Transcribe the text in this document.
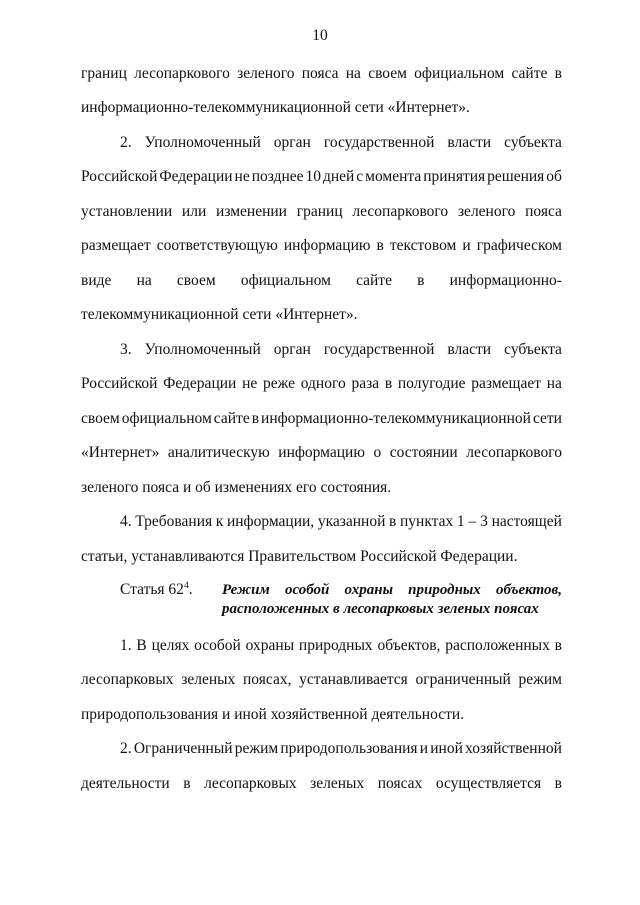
10
границ лесопаркового зеленого пояса на своем официальном сайте в
информационно-телекоммуникационной сети «Интернет».
2. Уполномоченный орган государственной власти субъекта
Российской Федерации не позднее 10 дней с момента принятия решения об
установлении или изменении границ лесопаркового зеленого пояса
размещает соответствующую информацию в текстовом и графическом
виде на своем официальном сайте в информационно-
телекоммуникационной сети «Интернет».
3. Уполномоченный орган государственной власти субъекта
Российской Федерации не реже одного раза в полугодие размещает на
своем официальном сайте в информационно-телекоммуникационной сети
«Интернет» аналитическую информацию о состоянии лесопаркового
зеленого пояса и об изменениях его состояния.
4. Требования к информации, указанной в пунктах 1 – 3 настоящей
статьи, устанавливаются Правительством Российской Федерации.
Статья $62^4$. Режим особой охраны природных объектов,
расположенных в лесопарковых зеленых поясах
1. В целях особой охраны природных объектов, расположенных в
лесопарковых зеленых поясах, устанавливается ограниченный режим
природопользования и иной хозяйственной деятельности.
2. Ограниченный режим природопользования и иной хозяйственной
деятельности в лесопарковых зеленых поясах осуществляется в
